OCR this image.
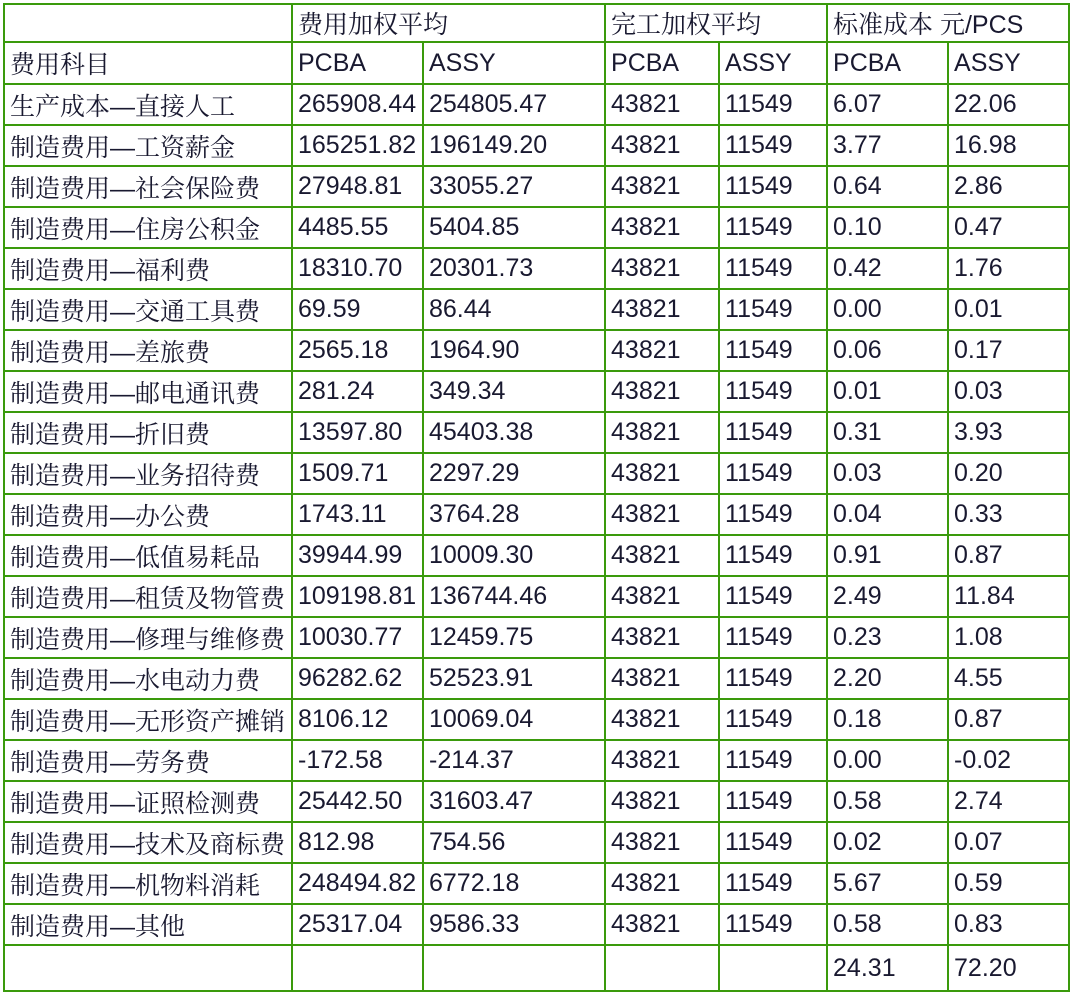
	费用加权平均		完工加权平均		标准成本 元/PCS	
费用科目	PCBA	ASSY	PCBA	ASSY	PCBA	ASSY
生产成本—直接人工	265908.44	254805.47	43821	11549	6.07	22.06
制造费用—工资薪金	165251.82	196149.20	43821	11549	3.77	16.98
制造费用—社会保险费	27948.81	33055.27	43821	11549	0.64	2.86
制造费用—住房公积金	4485.55	5404.85	43821	11549	0.10	0.47
制造费用—福利费	18310.70	20301.73	43821	11549	0.42	1.76
制造费用—交通工具费	69.59	86.44	43821	11549	0.00	0.01
制造费用—差旅费	2565.18	1964.90	43821	11549	0.06	0.17
制造费用—邮电通讯费	281.24	349.34	43821	11549	0.01	0.03
制造费用—折旧费	13597.80	45403.38	43821	11549	0.31	3.93
制造费用—业务招待费	1509.71	2297.29	43821	11549	0.03	0.20
制造费用—办公费	1743.11	3764.28	43821	11549	0.04	0.33
制造费用—低值易耗品	39944.99	10009.30	43821	11549	0.91	0.87
制造费用—租赁及物管费	109198.81	136744.46	43821	11549	2.49	11.84
制造费用—修理与维修费	10030.77	12459.75	43821	11549	0.23	1.08
制造费用—水电动力费	96282.62	52523.91	43821	11549	2.20	4.55
制造费用—无形资产摊销	8106.12	10069.04	43821	11549	0.18	0.87
制造费用—劳务费	-172.58	-214.37	43821	11549	0.00	-0.02
制造费用—证照检测费	25442.50	31603.47	43821	11549	0.58	2.74
制造费用—技术及商标费	812.98	754.56	43821	11549	0.02	0.07
制造费用—机物料消耗	248494.82	6772.18	43821	11549	5.67	0.59
制造费用—其他	25317.04	9586.33	43821	11549	0.58	0.83
					24.31	72.20
